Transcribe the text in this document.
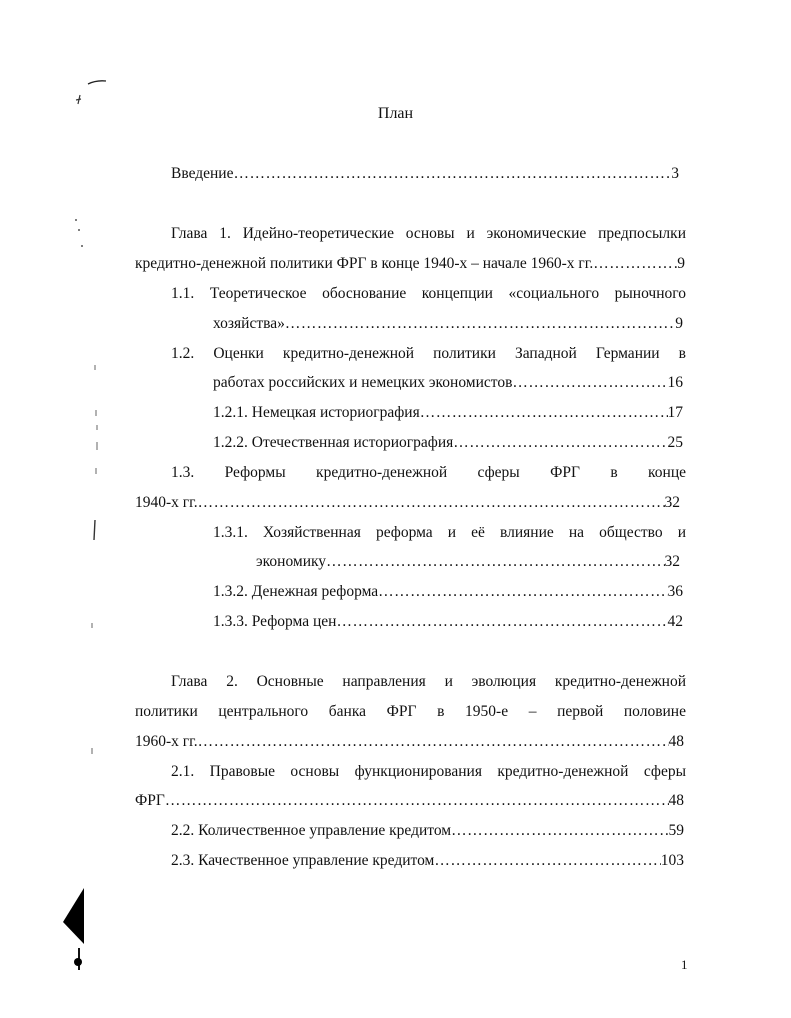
План
Введение ………………………………………………………………………………………………………………………………………………	3
Глава 1. Идейно-теоретические основы и экономические предпосылки
кредитно-денежной политики ФРГ в конце 1940-х – начале 1960-х гг. ………………………………………………………………………………………………………………………………………………	9
1.1. Теоретическое обоснование концепции «социального рыночного
хозяйства» ………………………………………………………………………………………………………………………………………………	9
1.2. Оценки кредитно-денежной политики Западной Германии в
работах российских и немецких экономистов ………………………………………………………………………………………………………………………………………………	16
1.2.1. Немецкая историография ………………………………………………………………………………………………………………………………………………	17
1.2.2. Отечественная историография ………………………………………………………………………………………………………………………………………………	25
1.3. Реформы кредитно-денежной сферы ФРГ в конце
1940-х гг. ………………………………………………………………………………………………………………………………………………	32
1.3.1. Хозяйственная реформа и её влияние на общество и
экономику ………………………………………………………………………………………………………………………………………………	32
1.3.2. Денежная реформа ………………………………………………………………………………………………………………………………………………	36
1.3.3. Реформа цен ………………………………………………………………………………………………………………………………………………	42
Глава 2. Основные направления и эволюция кредитно-денежной
политики центрального банка ФРГ в 1950-е – первой половине
1960-х гг. ………………………………………………………………………………………………………………………………………………	48
2.1. Правовые основы функционирования кредитно-денежной сферы
ФРГ ………………………………………………………………………………………………………………………………………………	48
2.2. Количественное управление кредитом ………………………………………………………………………………………………………………………………………………	59
2.3. Качественное управление кредитом ………………………………………………………………………………………………………………………………………………	103
1
